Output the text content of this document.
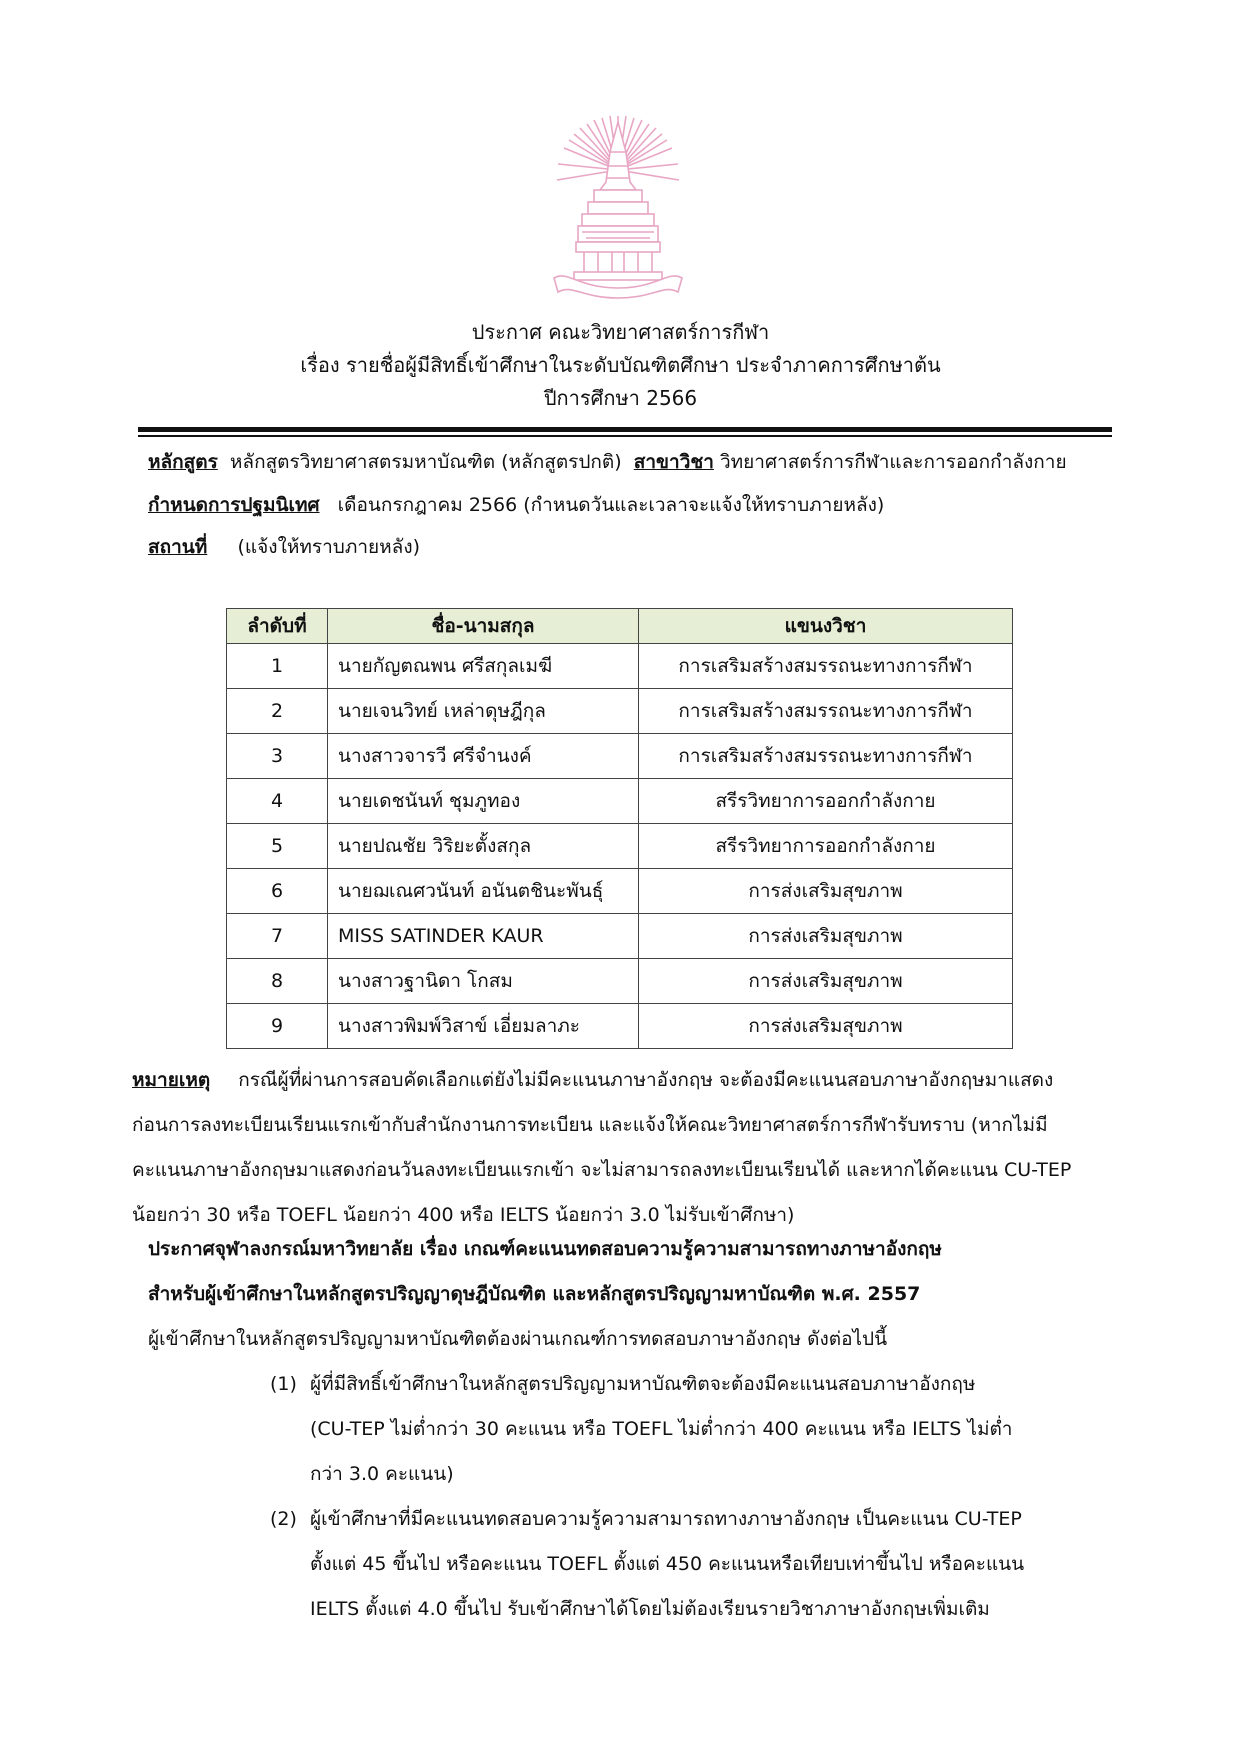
ประกาศ คณะวิทยาศาสตร์การกีฬา
เรื่อง รายชื่อผู้มีสิทธิ์เข้าศึกษาในระดับบัณฑิตศึกษา ประจำภาคการศึกษาต้น
ปีการศึกษา 2566
หลักสูตร หลักสูตรวิทยาศาสตรมหาบัณฑิต (หลักสูตรปกติ) สาขาวิชา วิทยาศาสตร์การกีฬาและการออกกำลังกาย
กำหนดการปฐมนิเทศ เดือนกรกฎาคม 2566 (กำหนดวันและเวลาจะแจ้งให้ทราบภายหลัง)
สถานที่ (แจ้งให้ทราบภายหลัง)
ลำดับที่	ชื่อ-นามสกุล	แขนงวิชา
1	นายกัญตณพน ศรีสกุลเมฆี	การเสริมสร้างสมรรถนะทางการกีฬา
2	นายเจนวิทย์ เหล่าดุษฎีกุล	การเสริมสร้างสมรรถนะทางการกีฬา
3	นางสาวจารวี ศรีจำนงค์	การเสริมสร้างสมรรถนะทางการกีฬา
4	นายเดชนันท์ ชุมภูทอง	สรีรวิทยาการออกกำลังกาย
5	นายปณชัย วิริยะตั้งสกุล	สรีรวิทยาการออกกำลังกาย
6	นายฌเณศวนันท์ อนันตชินะพันธุ์	การส่งเสริมสุขภาพ
7	MISS SATINDER KAUR	การส่งเสริมสุขภาพ
8	นางสาวฐานิดา โกสม	การส่งเสริมสุขภาพ
9	นางสาวพิมพ์วิสาข์ เอี่ยมลาภะ	การส่งเสริมสุขภาพ
หมายเหตุ กรณีผู้ที่ผ่านการสอบคัดเลือกแต่ยังไม่มีคะแนนภาษาอังกฤษ จะต้องมีคะแนนสอบภาษาอังกฤษมาแสดง
ก่อนการลงทะเบียนเรียนแรกเข้ากับสำนักงานการทะเบียน และแจ้งให้คณะวิทยาศาสตร์การกีฬารับทราบ (หากไม่มี
คะแนนภาษาอังกฤษมาแสดงก่อนวันลงทะเบียนแรกเข้า จะไม่สามารถลงทะเบียนเรียนได้ และหากได้คะแนน CU-TEP
น้อยกว่า 30 หรือ TOEFL น้อยกว่า 400 หรือ IELTS น้อยกว่า 3.0 ไม่รับเข้าศึกษา)
ประกาศจุฬาลงกรณ์มหาวิทยาลัย เรื่อง เกณฑ์คะแนนทดสอบความรู้ความสามารถทางภาษาอังกฤษ
สำหรับผู้เข้าศึกษาในหลักสูตรปริญญาดุษฎีบัณฑิต และหลักสูตรปริญญามหาบัณฑิต พ.ศ. 2557
ผู้เข้าศึกษาในหลักสูตรปริญญามหาบัณฑิตต้องผ่านเกณฑ์การทดสอบภาษาอังกฤษ ดังต่อไปนี้
(1) ผู้ที่มีสิทธิ์เข้าศึกษาในหลักสูตรปริญญามหาบัณฑิตจะต้องมีคะแนนสอบภาษาอังกฤษ
(CU-TEP ไม่ต่ำกว่า 30 คะแนน หรือ TOEFL ไม่ต่ำกว่า 400 คะแนน หรือ IELTS ไม่ต่ำ
กว่า 3.0 คะแนน)
(2) ผู้เข้าศึกษาที่มีคะแนนทดสอบความรู้ความสามารถทางภาษาอังกฤษ เป็นคะแนน CU-TEP
ตั้งแต่ 45 ขึ้นไป หรือคะแนน TOEFL ตั้งแต่ 450 คะแนนหรือเทียบเท่าขึ้นไป หรือคะแนน
IELTS ตั้งแต่ 4.0 ขึ้นไป รับเข้าศึกษาได้โดยไม่ต้องเรียนรายวิชาภาษาอังกฤษเพิ่มเติม
